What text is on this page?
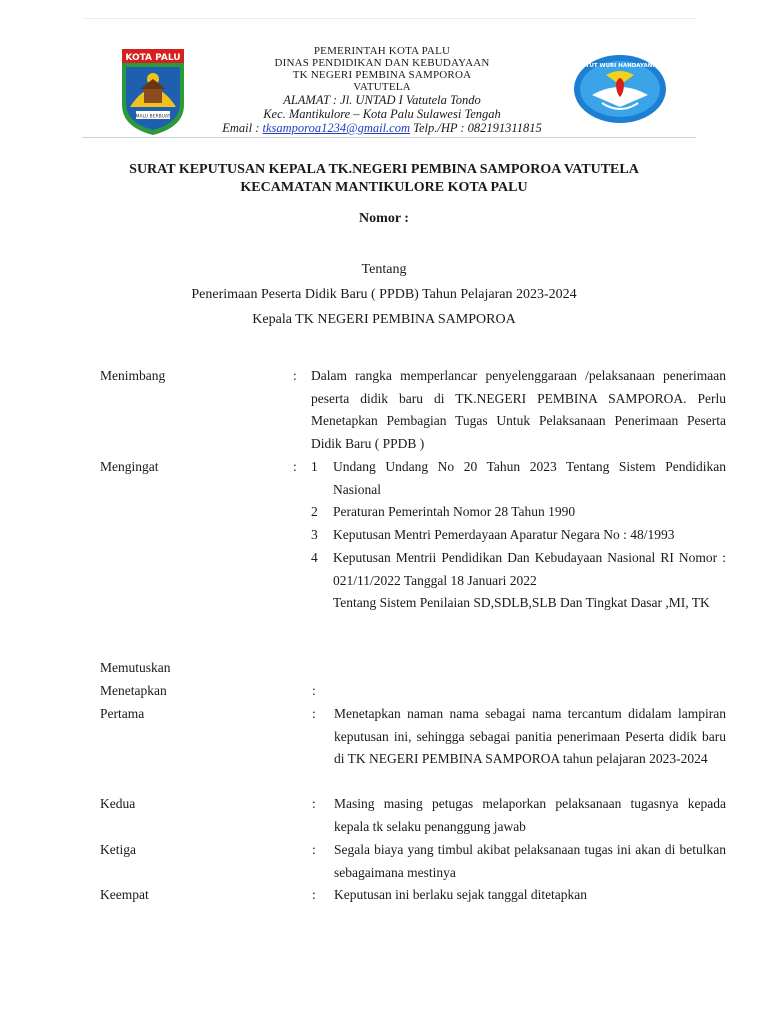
KOTA PALU
MALU BERBUAT
PEMERINTAH KOTA PALU
DINAS PENDIDIKAN DAN KEBUDAYAAN
TK NEGERI PEMBINA SAMPOROA
VATUTELA
ALAMAT : Jl. UNTAD I Vatutela Tondo
Kec. Mantikulore – Kota Palu Sulawesi Tengah
Email : tksamporoa1234@gmail.com Telp./HP : 082191311815
TUT WURI HANDAYANI
SURAT KEPUTUSAN KEPALA TK.NEGERI PEMBINA SAMPOROA VATUTELA
KECAMATAN MANTIKULORE KOTA PALU
Nomor :
Tentang
Penerimaan Peserta Didik Baru ( PPDB) Tahun Pelajaran 2023-2024
Kepala TK NEGERI PEMBINA SAMPOROA
Menimbang	: Dalam rangka memperlancar penyelenggaraan /pelaksanaan penerimaan peserta didik baru di TK.NEGERI PEMBINA SAMPOROA. Perlu Menetapkan Pembagian Tugas Untuk Pelaksanaan Penerimaan Peserta Didik Baru ( PPDB )
Mengingat	: 1 Undang Undang No 20 Tahun 2023 Tentang Sistem Pendidikan Nasional
2 Peraturan Pemerintah Nomor 28 Tahun 1990
3 Keputusan Mentri Pemerdayaan Aparatur Negara No : 48/1993
4 Keputusan Mentrii Pendidikan Dan Kebudayaan Nasional RI Nomor : 021/11/2022 Tanggal 18 Januari 2022
Tentang Sistem Penilaian SD,SDLB,SLB Dan Tingkat Dasar ,MI, TK
Memutuskan
Menetapkan	:
Pertama	: Menetapkan naman nama sebagai nama tercantum didalam lampiran keputusan ini, sehingga sebagai panitia penerimaan Peserta didik baru di TK NEGERI PEMBINA SAMPOROA tahun pelajaran 2023-2024
Kedua	: Masing masing petugas melaporkan pelaksanaan tugasnya kepada kepala tk selaku penanggung jawab
Ketiga	: Segala biaya yang timbul akibat pelaksanaan tugas ini akan di betulkan sebagaimana mestinya
Keempat	: Keputusan ini berlaku sejak tanggal ditetapkan
